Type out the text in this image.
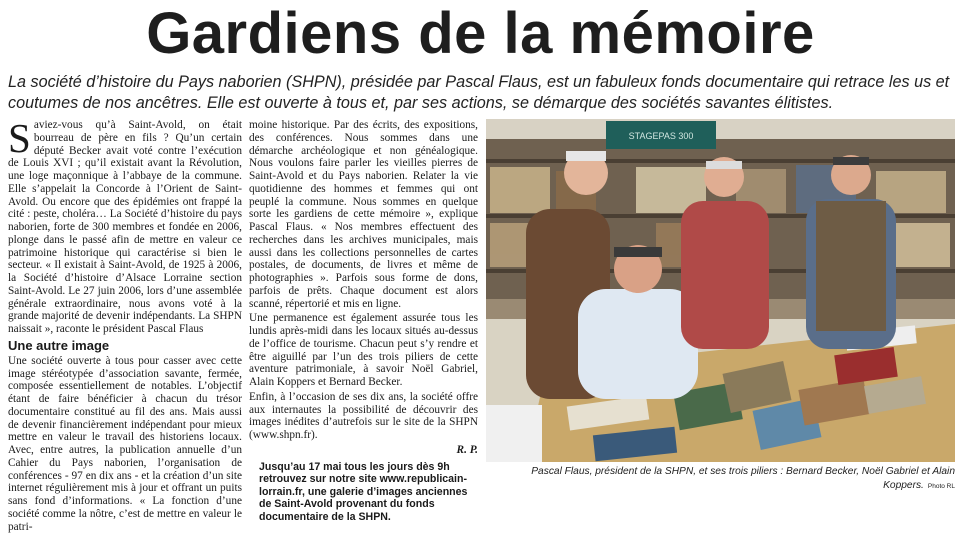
Gardiens de la mémoire
La société d’histoire du Pays naborien (SHPN), présidée par Pascal Flaus, est un fabuleux fonds documentaire qui retrace les us et coutumes de nos ancêtres. Elle est ouverte à tous et, par ses actions, se démarque des sociétés savantes élitistes.

Saviez-vous qu’à Saint-Avold, on était bourreau de père en fils ? Qu’un certain député Becker avait voté contre l’exécution de Louis XVI ; qu’il existait avant la Révolution, une loge maçonnique à l’abbaye de la commune. Elle s’appelait la Concorde à l’Orient de Saint-Avold. Ou encore que des épidémies ont frappé la cité : peste, choléra… La Société d’histoire du pays naborien, forte de 300 membres et fondée en 2006, plonge dans le passé afin de mettre en valeur ce patrimoine historique qui caractérise si bien le secteur. « Il existait à Saint-Avold, de 1925 à 2006, la Société d’histoire d’Alsace Lorraine section Saint-Avold. Le 27 juin 2006, lors d’une assemblée générale extraordinaire, nous avons voté à la grande majorité de devenir indépendants. La SHPN naissait », raconte le président Pascal Flaus

Une autre image

Une société ouverte à tous pour casser avec cette image stéréotypée d’association savante, fermée, composée essentiellement de notables. L’objectif étant de faire bénéficier à chacun du trésor documentaire constitué au fil des ans. Mais aussi de devenir financièrement indépendant pour mieux mettre en valeur le travail des historiens locaux. Avec, entre autres, la publication annuelle d’un Cahier du Pays naborien, l’organisation de conférences - 97 en dix ans - et la création d’un site internet régulièrement mis à jour et offrant un puits sans fond d’informations. « La fonction d’une société comme la nôtre, c’est de mettre en valeur le patri-

moine historique. Par des écrits, des expositions, des conférences. Nous sommes dans une démarche archéologique et non généalogique. Nous voulons faire parler les vieilles pierres de Saint-Avold et du Pays naborien. Relater la vie quotidienne des hommes et femmes qui ont peuplé la commune. Nous sommes en quelque sorte les gardiens de cette mémoire », explique Pascal Flaus. « Nos membres effectuent des recherches dans les archives municipales, mais aussi dans les collections personnelles de cartes postales, de documents, de livres et même de photographies ». Parfois sous forme de dons, parfois de prêts. Chaque document est alors scanné, répertorié et mis en ligne.

Une permanence est également assurée tous les lundis après-midi dans les locaux situés au-dessus de l’office de tourisme. Chacun peut s’y rendre et être aiguillé par l’un des trois piliers de cette aventure patrimoniale, à savoir Noël Gabriel, Alain Koppers et Bernard Becker.

Enfin, à l’occasion de ses dix ans, la société offre aux internautes la possibilité de découvrir des images inédites d’autrefois sur le site de la SHPN (www.shpn.fr).

R. P.
Jusqu’au 17 mai tous les jours dès 9h retrouvez sur notre site www.republicain-lorrain.fr, une galerie d’images anciennes de Saint-Avold provenant du fonds documentaire de la SHPN.
STAGEPAS 300
Pascal Flaus, président de la SHPN, et ses trois piliers : Bernard Becker, Noël Gabriel et Alain Koppers. Photo RL
